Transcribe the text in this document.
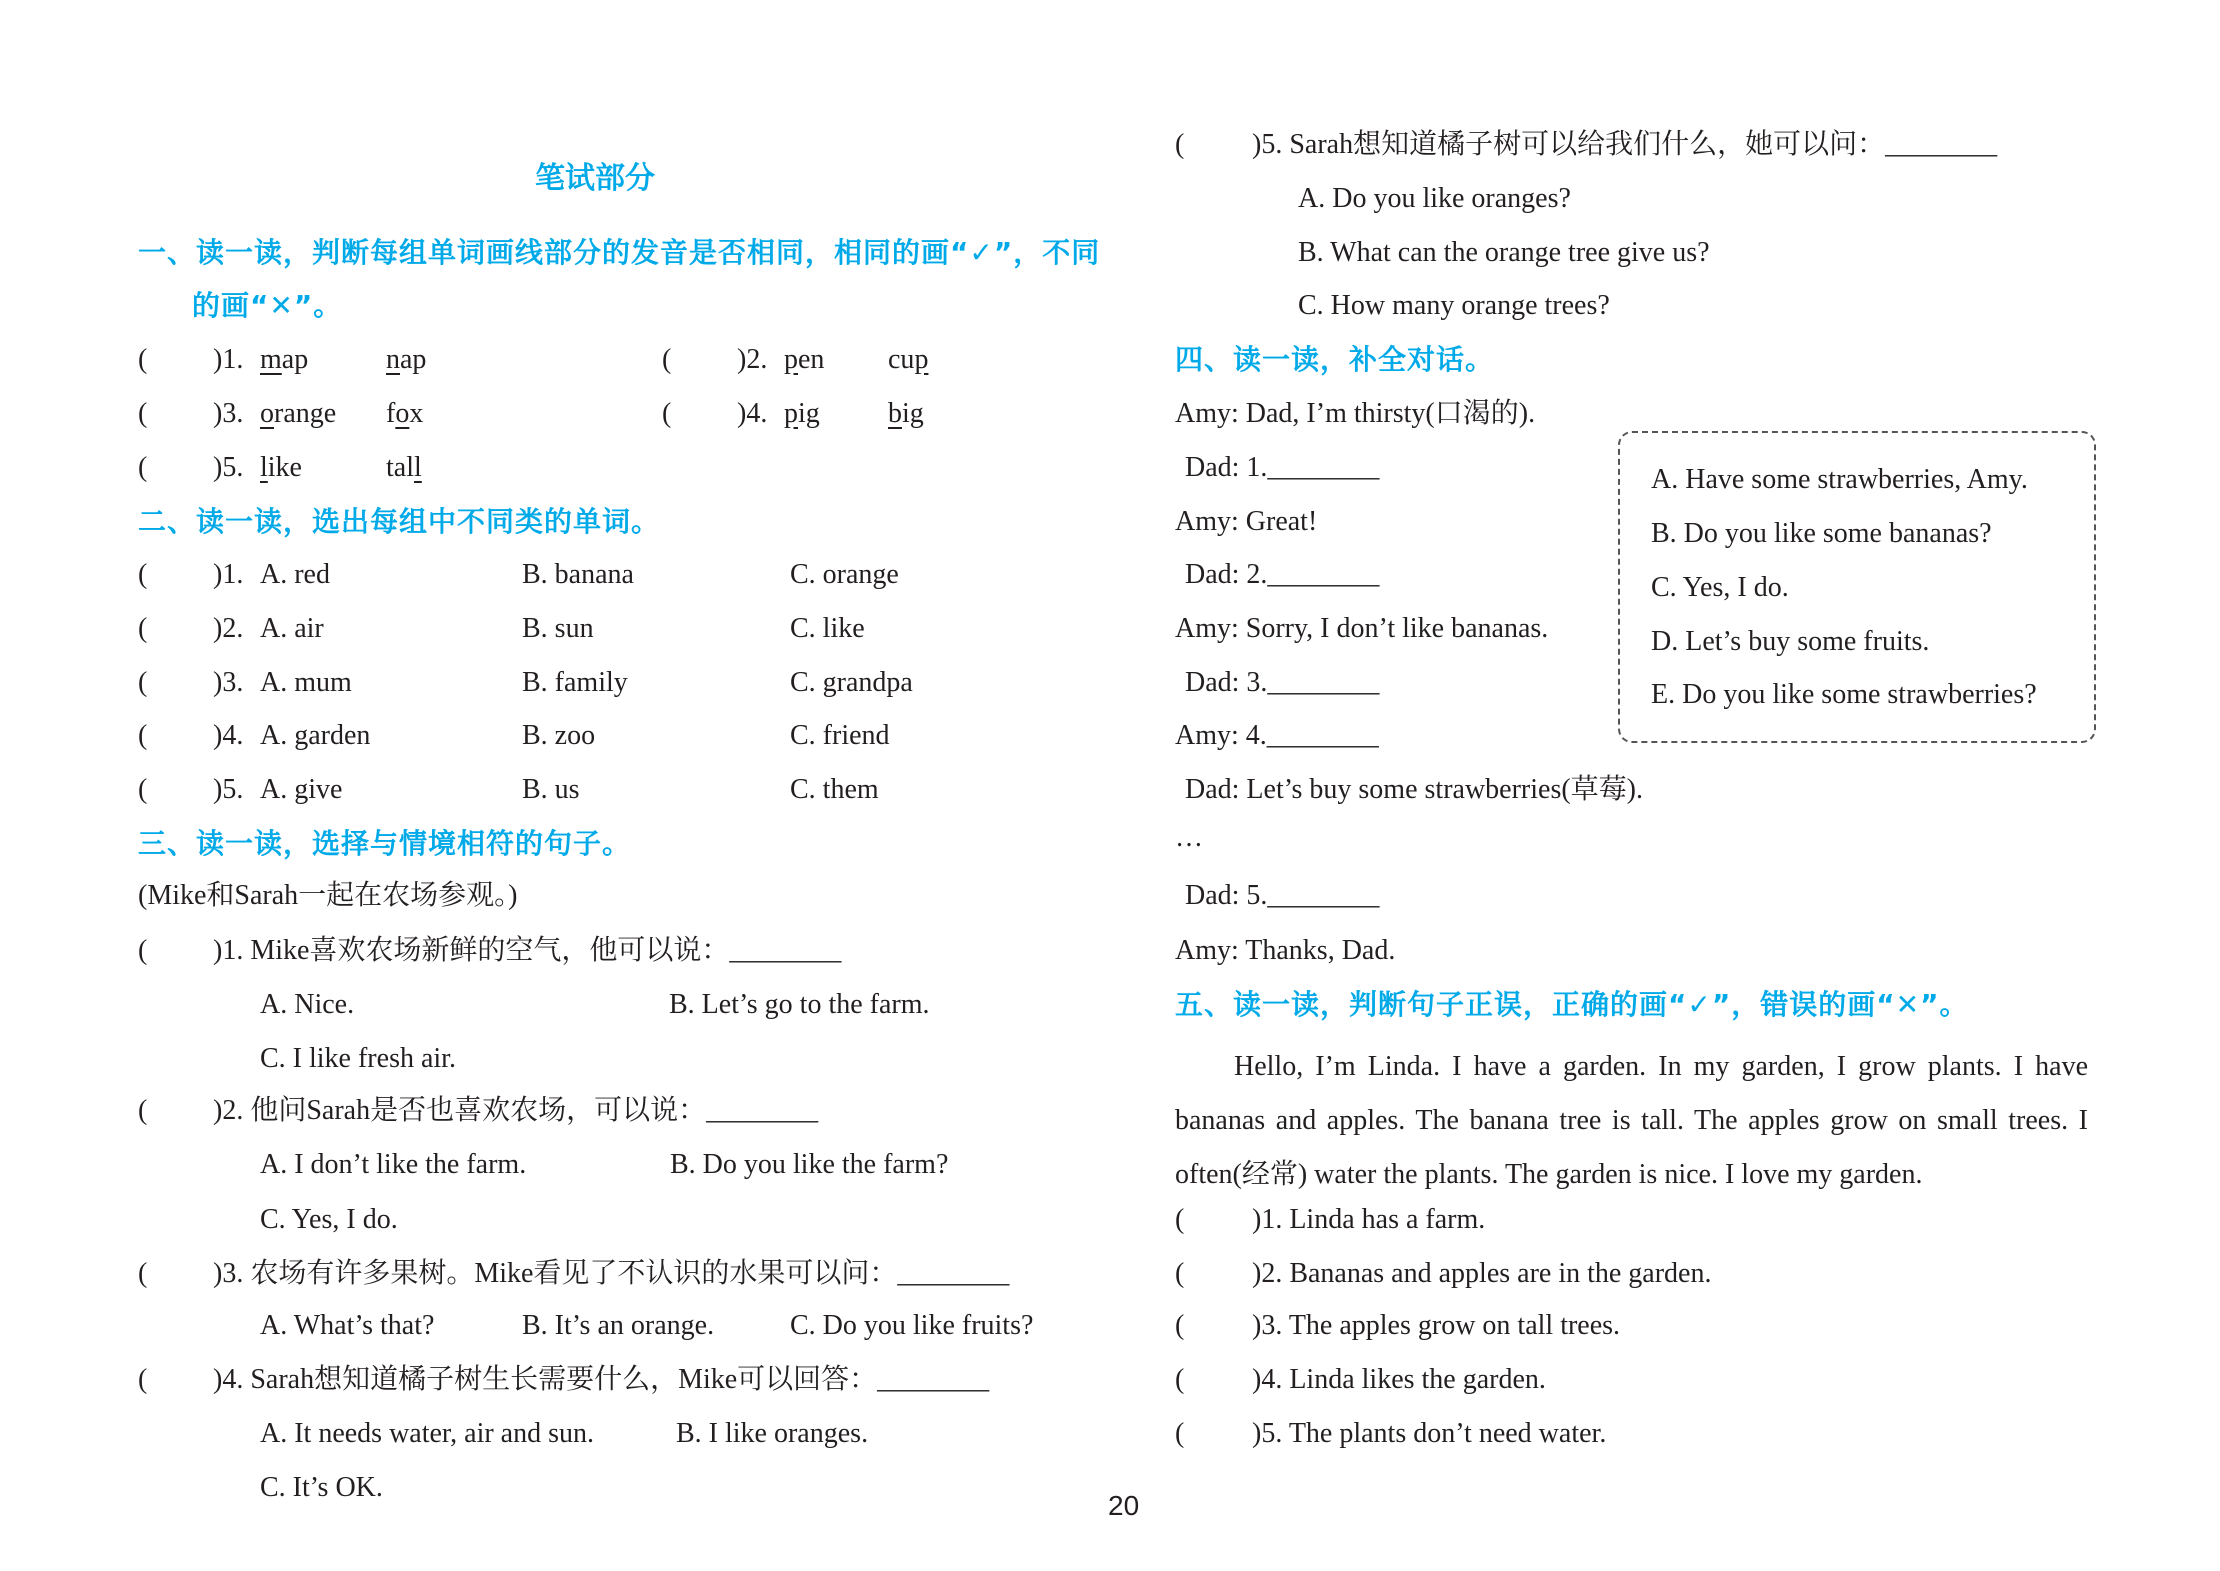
笔试部分
一、读一读，判断每组单词画线部分的发音是否相同，相同的画“✓”，不同
的画“✕”。
( )1. map	nap	( )2. pen cup
( )3. orange fox	( )4. pig big
( )5. like	tall
二、读一读，选出每组中不同类的单词。
( )1. A. red	B. banana	C. orange
( )2. A. air	B. sun	C. like
( )3. A. mum	B. family	C. grandpa
( )4. A. garden	B. zoo	C. friend
( )5. A. give	B. us	C. them
三、读一读，选择与情境相符的句子。
(Mike和Sarah一起在农场参观。)
( )1. Mike喜欢农场新鲜的空气，他可以说：________
A. Nice.	B. Let’s go to the farm.
C. I like fresh air.
( )2. 他问Sarah是否也喜欢农场，可以说：________
A. I don’t like the farm.	B. Do you like the farm?
C. Yes, I do.
( )3. 农场有许多果树。Mike看见了不认识的水果可以问：________
A. What’s that?	B. It’s an orange.	C. Do you like fruits?
( )4. Sarah想知道橘子树生长需要什么，Mike可以回答：________
A. It needs water, air and sun.	B. I like oranges.
C. It’s OK.
( )5. Sarah想知道橘子树可以给我们什么，她可以问：________
A. Do you like oranges?
B. What can the orange tree give us?
C. How many orange trees?
四、读一读，补全对话。
Amy: Dad, I’m thirsty(口渴的).
Dad: 1.________
Amy: Great!
Dad: 2.________
Amy: Sorry, I don’t like bananas.
Dad: 3.________
Amy: 4.________
Dad: Let’s buy some strawberries(草莓).
…
Dad: 5.________
Amy: Thanks, Dad.
A. Have some strawberries, Amy.
B. Do you like some bananas?
C. Yes, I do.
D. Let’s buy some fruits.
E. Do you like some strawberries?
五、读一读，判断句子正误，正确的画“✓”，错误的画“✕”。
Hello, I’m Linda. I have a garden. In my garden, I grow plants. I have bananas and apples. The banana tree is tall. The apples grow on small trees. I often(经常) water the plants. The garden is nice. I love my garden.
( )1. Linda has a farm.
( )2. Bananas and apples are in the garden.
( )3. The apples grow on tall trees.
( )4. Linda likes the garden.
( )5. The plants don’t need water.
20
